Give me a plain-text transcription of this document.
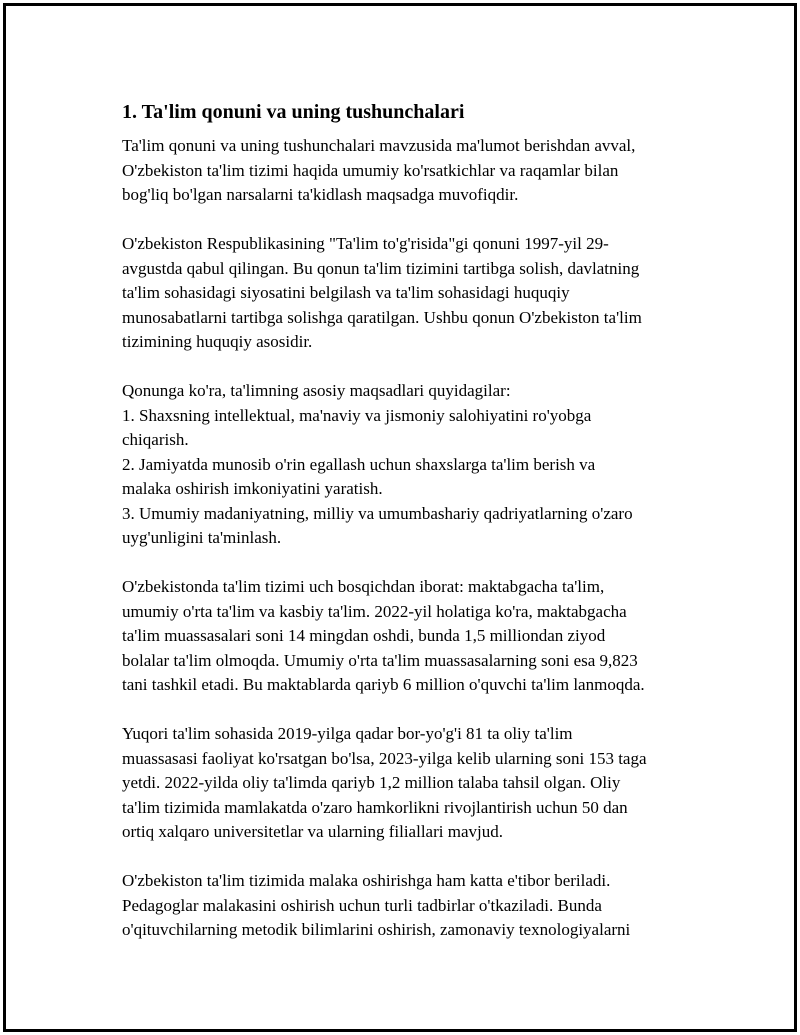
1. Ta'lim qonuni va uning tushunchalari
Ta'lim qonuni va uning tushunchalari mavzusida ma'lumot berishdan avval,
O'zbekiston ta'lim tizimi haqida umumiy ko'rsatkichlar va raqamlar bilan
bog'liq bo'lgan narsalarni ta'kidlash maqsadga muvofiqdir.
O'zbekiston Respublikasining "Ta'lim to'g'risida"gi qonuni 1997-yil 29-
avgustda qabul qilingan. Bu qonun ta'lim tizimini tartibga solish, davlatning
ta'lim sohasidagi siyosatini belgilash va ta'lim sohasidagi huquqiy
munosabatlarni tartibga solishga qaratilgan. Ushbu qonun O'zbekiston ta'lim
tizimining huquqiy asosidir.
Qonunga ko'ra, ta'limning asosiy maqsadlari quyidagilar:
1. Shaxsning intellektual, ma'naviy va jismoniy salohiyatini ro'yobga
chiqarish.
2. Jamiyatda munosib o'rin egallash uchun shaxslarga ta'lim berish va
malaka oshirish imkoniyatini yaratish.
3. Umumiy madaniyatning, milliy va umumbashariy qadriyatlarning o'zaro
uyg'unligini ta'minlash.
O'zbekistonda ta'lim tizimi uch bosqichdan iborat: maktabgacha ta'lim,
umumiy o'rta ta'lim va kasbiy ta'lim. 2022-yil holatiga ko'ra, maktabgacha
ta'lim muassasalari soni 14 mingdan oshdi, bunda 1,5 milliondan ziyod
bolalar ta'lim olmoqda. Umumiy o'rta ta'lim muassasalarning soni esa 9,823
tani tashkil etadi. Bu maktablarda qariyb 6 million o'quvchi ta'lim lanmoqda.
Yuqori ta'lim sohasida 2019-yilga qadar bor-yo'g'i 81 ta oliy ta'lim
muassasasi faoliyat ko'rsatgan bo'lsa, 2023-yilga kelib ularning soni 153 taga
yetdi. 2022-yilda oliy ta'limda qariyb 1,2 million talaba tahsil olgan. Oliy
ta'lim tizimida mamlakatda o'zaro hamkorlikni rivojlantirish uchun 50 dan
ortiq xalqaro universitetlar va ularning filiallari mavjud.
O'zbekiston ta'lim tizimida malaka oshirishga ham katta e'tibor beriladi.
Pedagoglar malakasini oshirish uchun turli tadbirlar o'tkaziladi. Bunda
o'qituvchilarning metodik bilimlarini oshirish, zamonaviy texnologiyalarni
